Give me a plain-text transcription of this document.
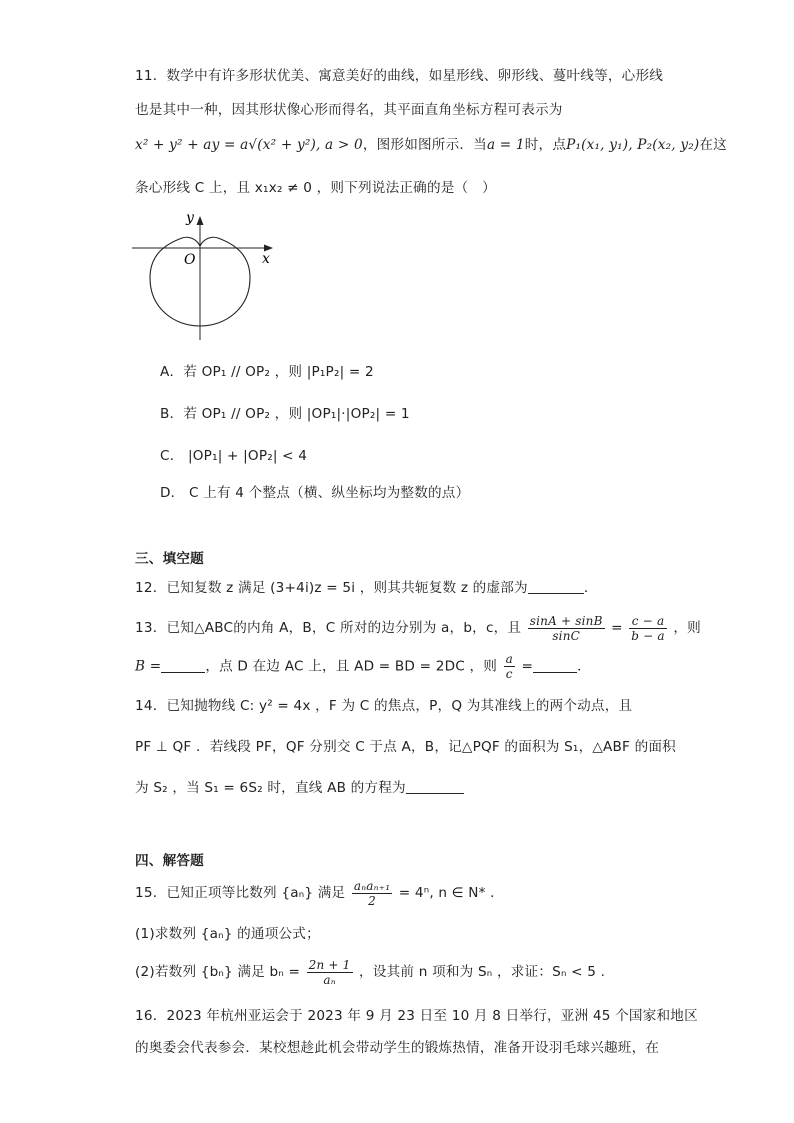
11．数学中有许多形状优美、寓意美好的曲线，如星形线、卵形线、蔓叶线等，心形线
也是其中一种，因其形状像心形而得名，其平面直角坐标方程可表示为
x² + y² + ay = a√(x² + y²), a > 0，图形如图所示．当a = 1时，点P₁(x₁, y₁), P₂(x₂, y₂)在这
条心形线 C 上，且 x₁x₂ ≠ 0 ，则下列说法正确的是（　）
y
x
O
A．若 OP₁ // OP₂ ，则 |P₁P₂| = 2
B．若 OP₁ // OP₂ ，则 |OP₁|·|OP₂| = 1
C． |OP₁| + |OP₂| < 4
D． C 上有 4 个整点（横、纵坐标均为整数的点）
三、填空题
12．已知复数 z 满足 (3+4i)z = 5i ，则其共轭复数 z 的虚部为	．
13．已知△ABC的内角 A，B，C 所对的边分别为 a，b，c，且 $\frac{\sin A + \sin B}{\sin C} = \frac{c - a}{b - a}$ ，则
B =	，点 D 在边 AC 上，且 AD = BD = 2DC ，则 $\frac{a}{c}$ =	．
14．已知抛物线 C: y² = 4x ，F 为 C 的焦点，P，Q 为其准线上的两个动点，且
PF ⊥ QF ．若线段 PF，QF 分别交 C 于点 A，B，记△PQF 的面积为 S₁，△ABF 的面积
为 S₂ ，当 S₁ = 6S₂ 时，直线 AB 的方程为
四、解答题
15．已知正项等比数列 {aₙ} 满足 $\frac{\text{aₙaₙ₊₁}}{2} = 4^n$, n ∈ N* ．
(1)求数列 {aₙ} 的通项公式；
(2)若数列 {bₙ} 满足 $b_n = \frac{2n + 1}{\text{aₙ}}$ ，设其前 n 项和为 Sₙ ，求证：Sₙ < 5 .
16．2023 年杭州亚运会于 2023 年 9 月 23 日至 10 月 8 日举行，亚洲 45 个国家和地区
的奥委会代表参会．某校想趁此机会带动学生的锻炼热情，准备开设羽毛球兴趣班，在
